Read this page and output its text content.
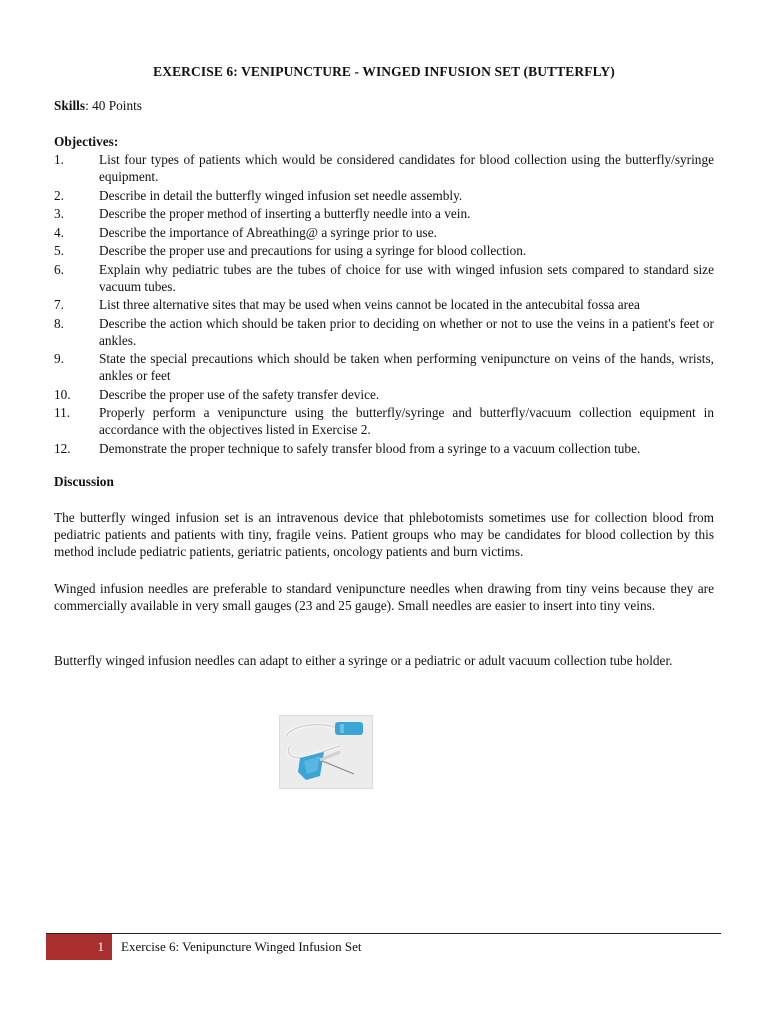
EXERCISE 6: VENIPUNCTURE - WINGED INFUSION SET (BUTTERFLY)
Skills: 40 Points
Objectives:
1.	List four types of patients which would be considered candidates for blood collection using the butterfly/syringe equipment.
2.	Describe in detail the butterfly winged infusion set needle assembly.
3.	Describe the proper method of inserting a butterfly needle into a vein.
4.	Describe the importance of Abreathing@ a syringe prior to use.
5.	Describe the proper use and precautions for using a syringe for blood collection.
6.	Explain why pediatric tubes are the tubes of choice for use with winged infusion sets compared to standard size vacuum tubes.
7.	List three alternative sites that may be used when veins cannot be located in the antecubital fossa area
8.	Describe the action which should be taken prior to deciding on whether or not to use the veins in a patient's feet or ankles.
9.	State the special precautions which should be taken when performing venipuncture on veins of the hands, wrists, ankles or feet
10.	Describe the proper use of the safety transfer device.
11.	Properly perform a venipuncture using the butterfly/syringe and butterfly/vacuum collection equipment in accordance with the objectives listed in Exercise 2.
12.	Demonstrate the proper technique to safely transfer blood from a syringe to a vacuum collection tube.
Discussion

The butterfly winged infusion set is an intravenous device that phlebotomists sometimes use for collection blood from pediatric patients and patients with tiny, fragile veins. Patient groups who may be candidates for blood collection by this method include pediatric patients, geriatric patients, oncology patients and burn victims.

Winged infusion needles are preferable to standard venipuncture needles when drawing from tiny veins because they are commercially available in very small gauges (23 and 25 gauge). Small needles are easier to insert into tiny veins.

Butterfly winged infusion needles can adapt to either a syringe or a pediatric or adult vacuum collection tube holder.

1	Exercise 6: Venipuncture Winged Infusion Set
